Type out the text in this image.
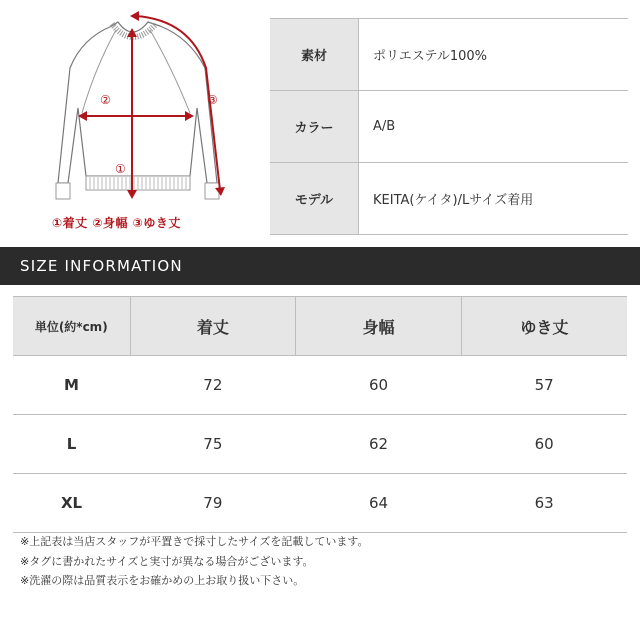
①
②	③
①着丈 ②身幅 ③ゆき丈
素材	ポリエステル100%
カラー	A/B
モデル	KEITA(ケイタ)/Lサイズ着用
SIZE INFORMATION
単位(約*cm)	着丈	身幅	ゆき丈
M	72	60	57
L	75	62	60
XL	79	64	63
※上記表は当店スタッフが平置きで採寸したサイズを記載しています。
※タグに書かれたサイズと実寸が異なる場合がございます。
※洗濯の際は品質表示をお確かめの上お取り扱い下さい。
